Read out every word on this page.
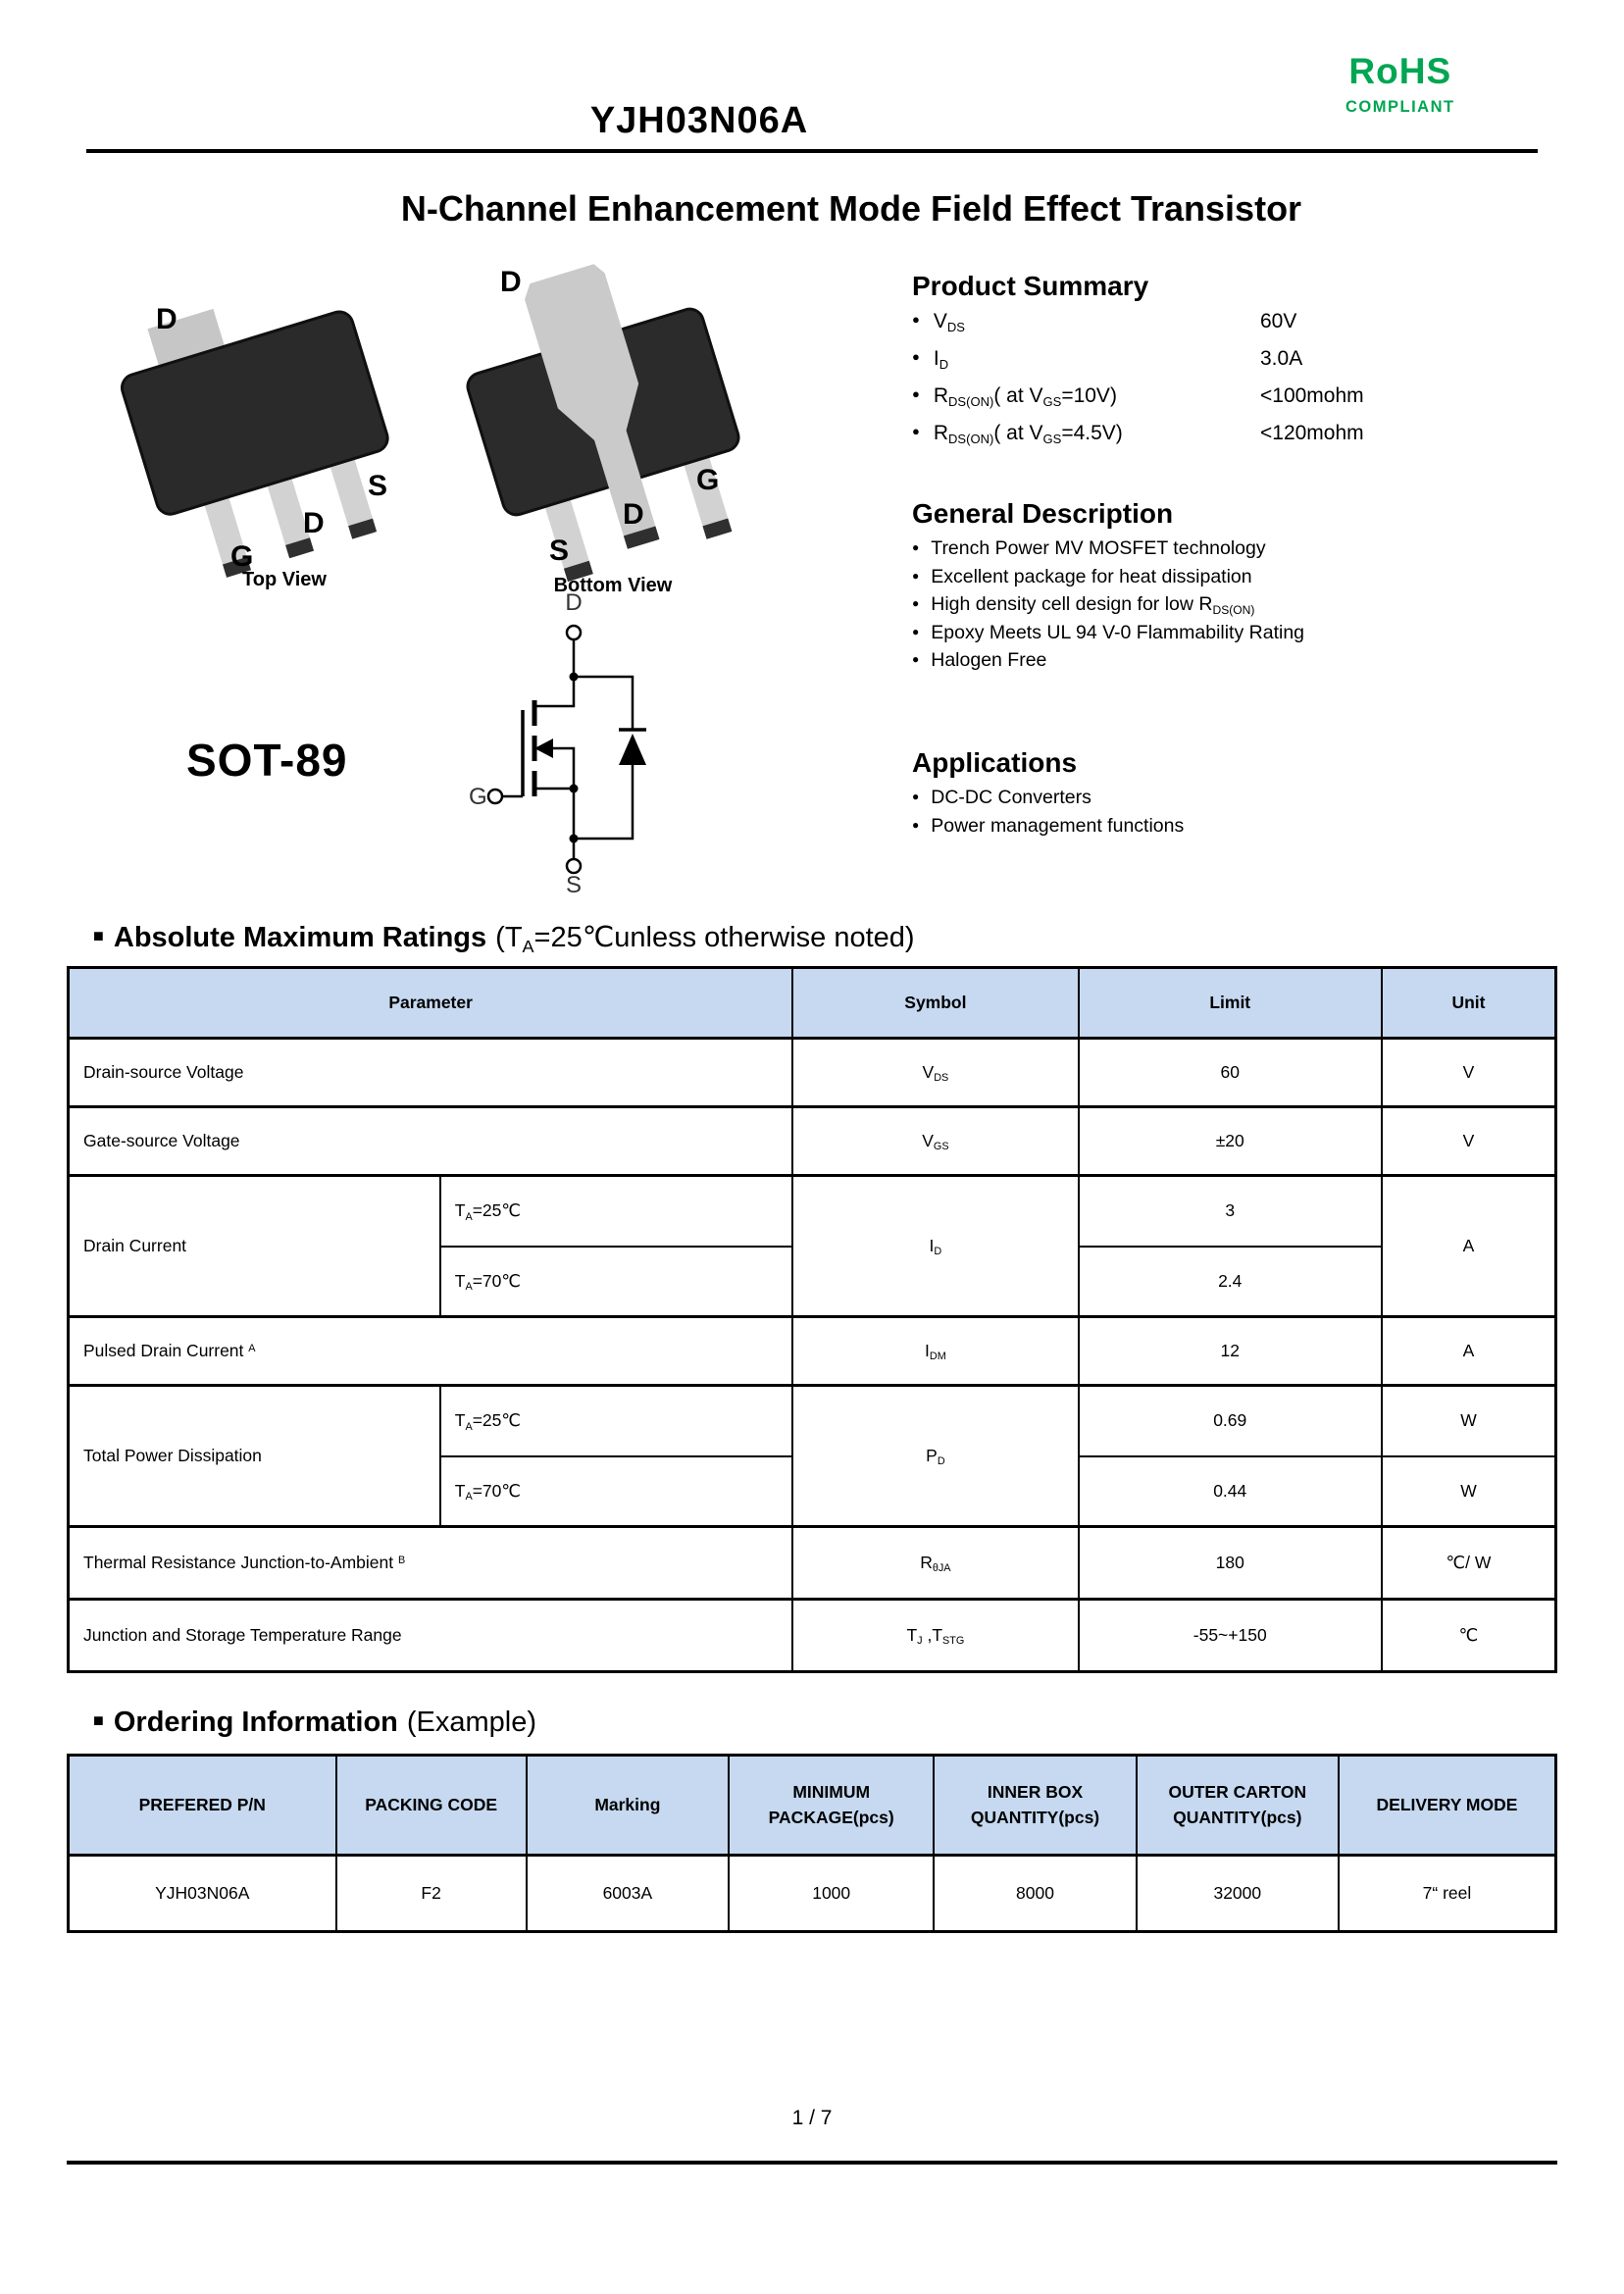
YJH03N06A
RoHS
COMPLIANT
N-Channel Enhancement Mode Field Effect Transistor
D
S
D
G
Top View
D
G
D
S
Bottom View
SOT-89
D
G
S
Product Summary
● $V_{DS}$	60V
● $I_D$	3.0A
● $R_{DS(ON)}$( at $V_{GS}=10V$)	<100mohm
● $R_{DS(ON)}$( at $V_{GS}=4.5V$)	<120mohm
General Description
● Trench Power MV MOSFET technology
● Excellent package for heat dissipation
● High density cell design for low $R_{DS(ON)}$
● Epoxy Meets UL 94 V-0 Flammability Rating
● Halogen Free
Applications
● DC-DC Converters
● Power management functions
■ Absolute Maximum Ratings ($T_A=25℃unless$ otherwise noted)
Parameter		Symbol	Limit	Unit
Drain-source Voltage		$V_{DS}$	60	V
Gate-source Voltage		$V_{GS}$	±20	V
Drain Current	$T_A=25℃$	$I_D$	3	A
	$T_A=70℃$		2.4	
Pulsed Drain Current $^A$		$I_{DM}$	12	A
Total Power Dissipation	$T_A=25℃$	$P_D$	0.69	W
	$T_A=70℃$		0.44	W
Thermal Resistance Junction-to-Ambient $^B$		$R_{\theta JA}$	180	℃/ W
Junction and Storage Temperature Range		$T_J$ $,T_{STG}$	-55~+150	℃
■ Ordering Information (Example)
PREFERED P/N	PACKING CODE	Marking	MINIMUM PACKAGE(pcs)	INNER BOX QUANTITY(pcs)	OUTER CARTON QUANTITY(pcs)	DELIVERY MODE
YJH03N06A	F2	6003A	1000	8000	32000	7“ reel
1 / 7
